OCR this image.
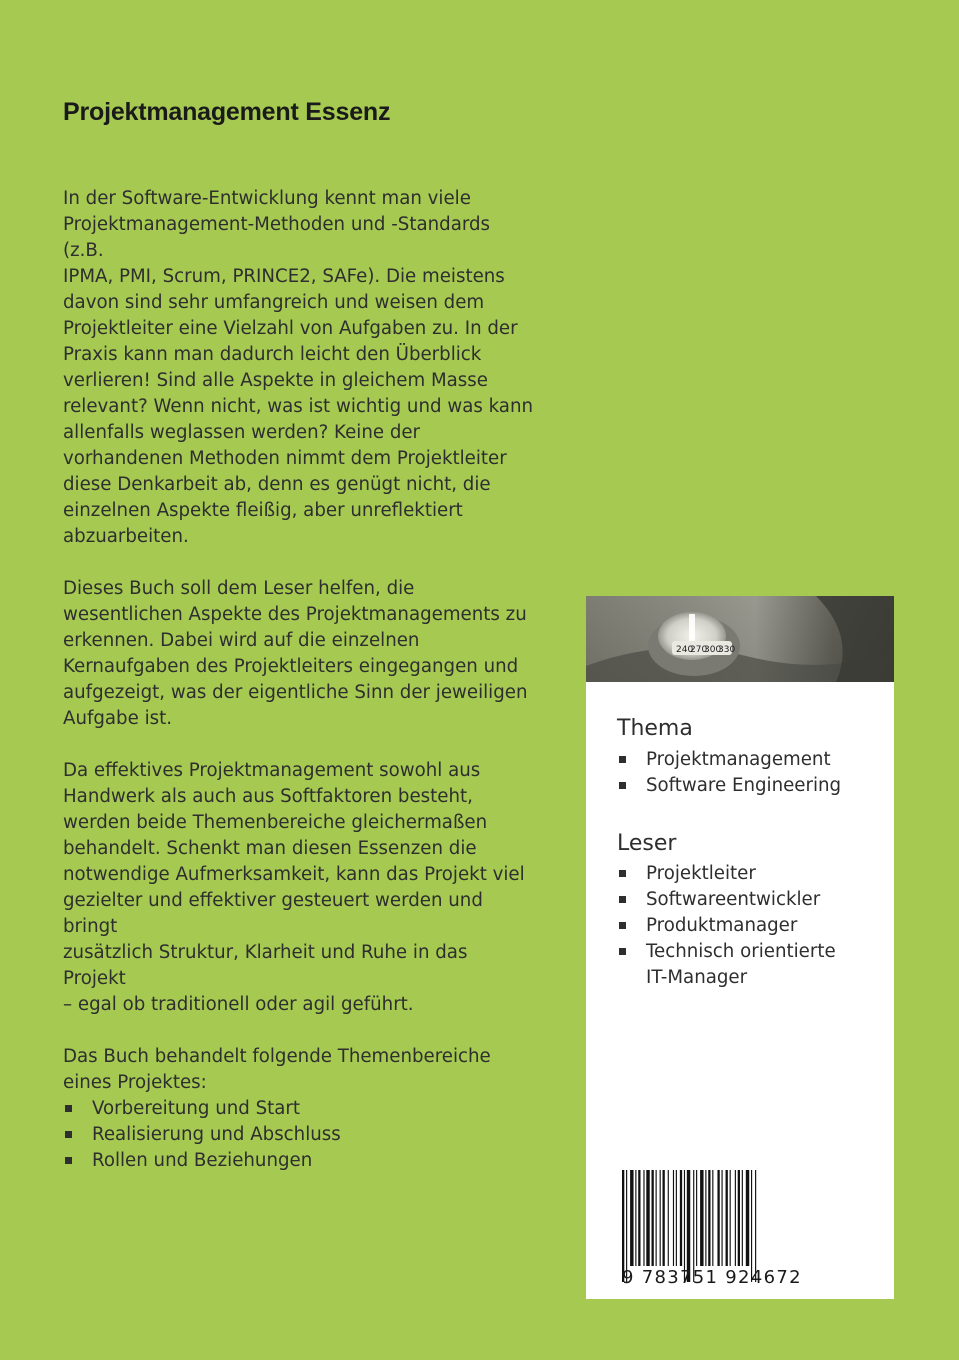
Projektmanagement Essenz

In der Software-Entwicklung kennt man viele
Projektmanagement-Methoden und -Standards (z.B.
IPMA, PMI, Scrum, PRINCE2, SAFe). Die meistens
davon sind sehr umfangreich und weisen dem
Projektleiter eine Vielzahl von Aufgaben zu. In der
Praxis kann man dadurch leicht den Überblick
verlieren! Sind alle Aspekte in gleichem Masse
relevant? Wenn nicht, was ist wichtig und was kann
allenfalls weglassen werden? Keine der
vorhandenen Methoden nimmt dem Projektleiter
diese Denkarbeit ab, denn es genügt nicht, die
einzelnen Aspekte fleißig, aber unreflektiert
abzuarbeiten.

Dieses Buch soll dem Leser helfen, die
wesentlichen Aspekte des Projektmanagements zu
erkennen. Dabei wird auf die einzelnen
Kernaufgaben des Projektleiters eingegangen und
aufgezeigt, was der eigentliche Sinn der jeweiligen
Aufgabe ist.

Da effektives Projektmanagement sowohl aus
Handwerk als auch aus Softfaktoren besteht,
werden beide Themenbereiche gleichermaßen
behandelt. Schenkt man diesen Essenzen die
notwendige Aufmerksamkeit, kann das Projekt viel
gezielter und effektiver gesteuert werden und bringt
zusätzlich Struktur, Klarheit und Ruhe in das Projekt
– egal ob traditionell oder agil geführt.

Das Buch behandelt folgende Themenbereiche
eines Projektes:

Vorbereitung und Start
Realisierung und Abschluss
Rollen und Beziehungen
240
270
300
330
Thema
Projektmanagement
Software Engineering
Leser
Projektleiter
Softwareentwickler
Produktmanager
Technisch orientierte
IT-Manager
9 783751 924672
